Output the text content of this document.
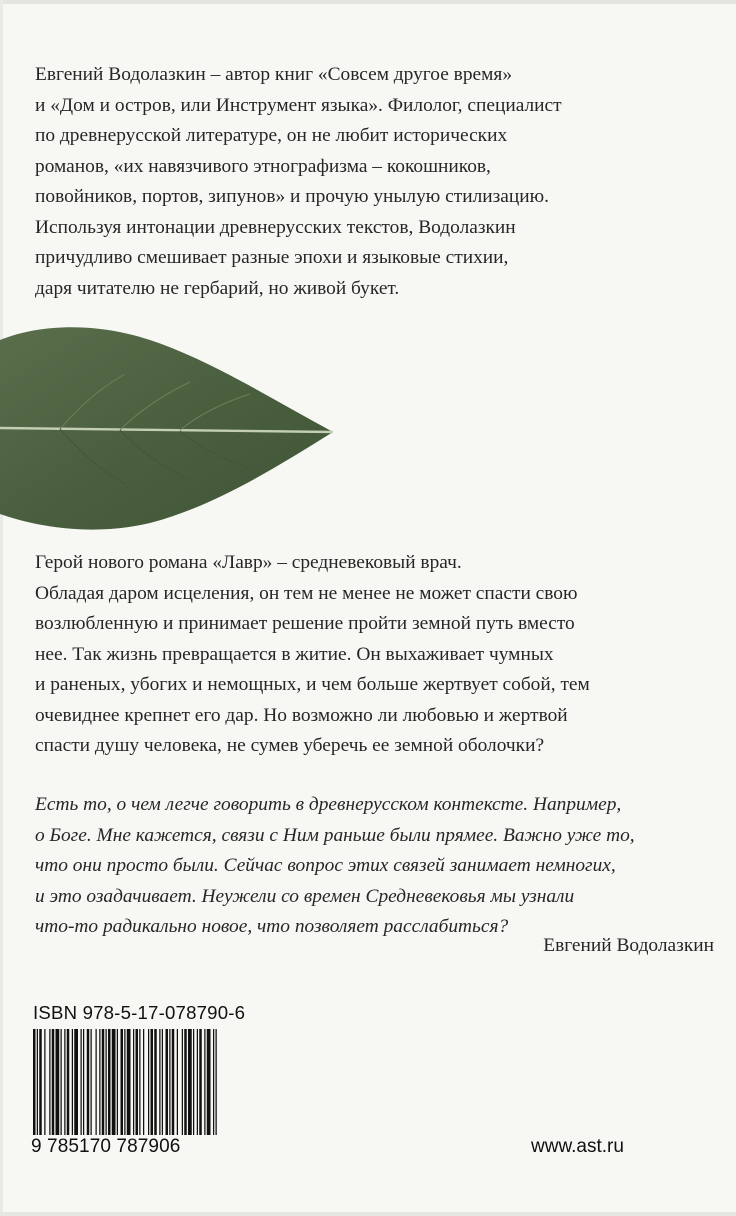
Евгений Водолазкин – автор книг «Совсем другое время»
и «Дом и остров, или Инструмент языка». Филолог, специалист
по древнерусской литературе, он не любит исторических
романов, «их навязчивого этнографизма – кокошников,
повойников, портов, зипунов» и прочую унылую стилизацию.
Используя интонации древнерусских текстов, Водолазкин
причудливо смешивает разные эпохи и языковые стихии,
даря читателю не гербарий, но живой букет.
Герой нового романа «Лавр» – средневековый врач.
Обладая даром исцеления, он тем не менее не может спасти свою
возлюбленную и принимает решение пройти земной путь вместо
нее. Так жизнь превращается в житие. Он выхаживает чумных
и раненых, убогих и немощных, и чем больше жертвует собой, тем
очевиднее крепнет его дар. Но возможно ли любовью и жертвой
спасти душу человека, не сумев уберечь ее земной оболочки?
Есть то, о чем легче говорить в древнерусском контексте. Например,
о Боге. Мне кажется, связи с Ним раньше были прямее. Важно уже то,
что они просто были. Сейчас вопрос этих связей занимает немногих,
и это озадачивает. Неужели со времен Средневековья мы узнали
что-то радикально новое, что позволяет расслабиться?
Евгений Водолазкин
ISBN 978-5-17-078790-6
9 785170 787906	www.ast.ru
